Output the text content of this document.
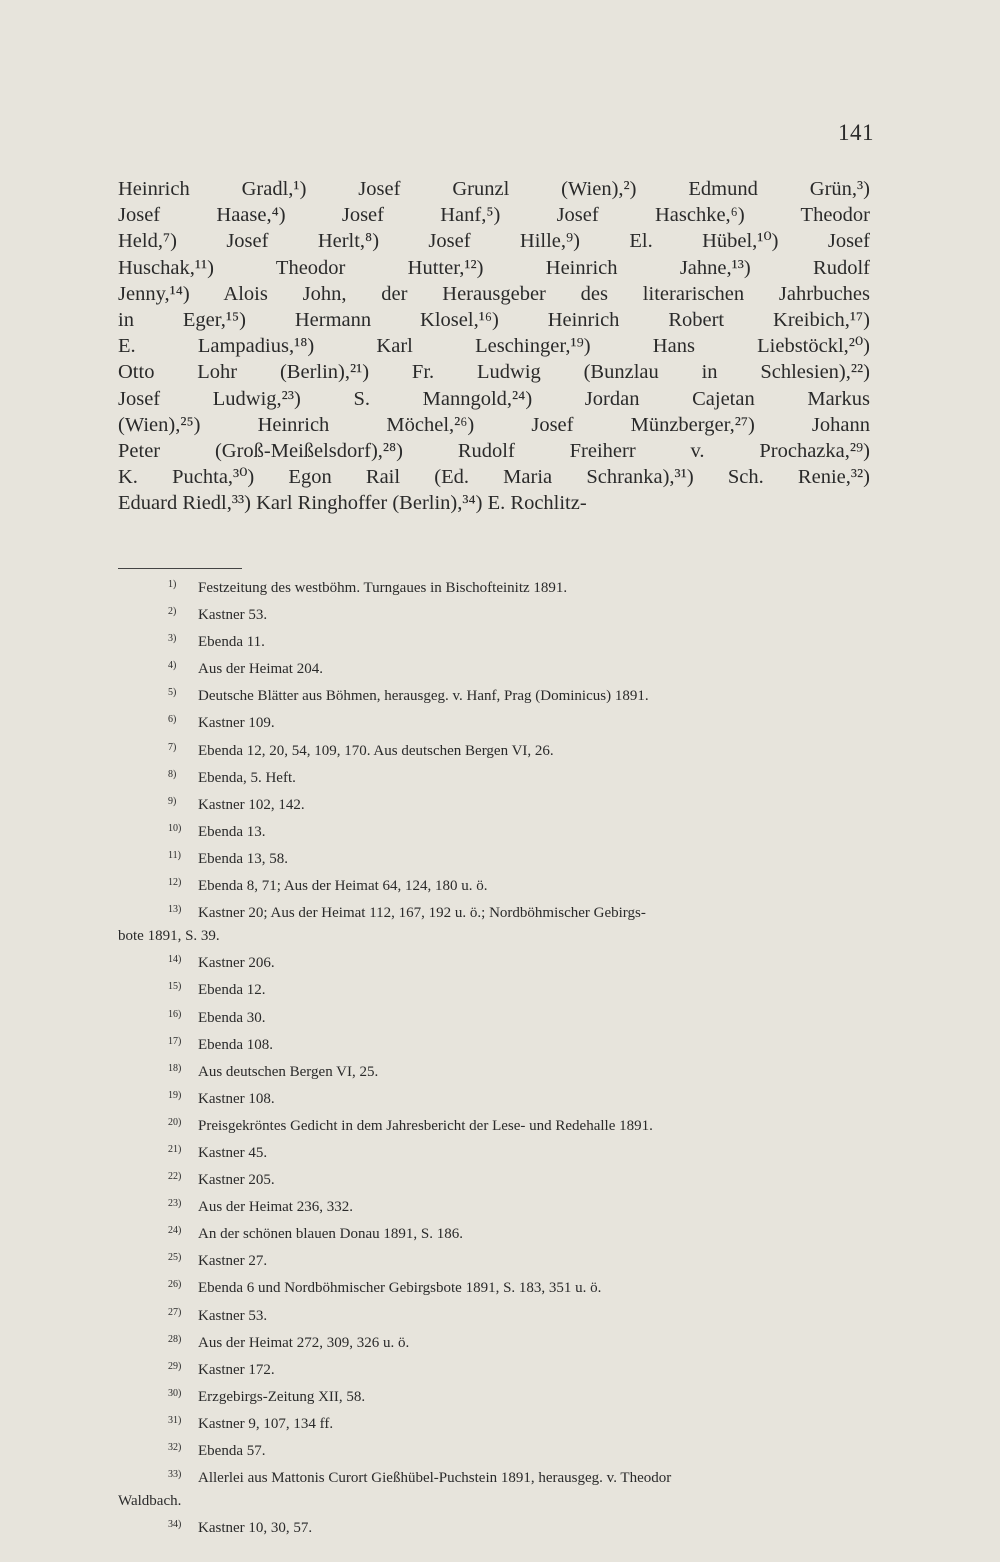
141
Heinrich Gradl,¹) Josef Grunzl (Wien),²) Edmund Grün,³)
Josef Haase,⁴) Josef Hanf,⁵) Josef Haschke,⁶) Theodor
Held,⁷) Josef Herlt,⁸) Josef Hille,⁹) El. Hübel,¹⁰) Josef
Huschak,¹¹) Theodor Hutter,¹²) Heinrich Jahne,¹³) Rudolf
Jenny,¹⁴) Alois John, der Herausgeber des literarischen Jahrbuches
in Eger,¹⁵) Hermann Klosel,¹⁶) Heinrich Robert Kreibich,¹⁷)
E. Lampadius,¹⁸) Karl Leschinger,¹⁹) Hans Liebstöckl,²⁰)
Otto Lohr (Berlin),²¹) Fr. Ludwig (Bunzlau in Schlesien),²²)
Josef Ludwig,²³) S. Manngold,²⁴) Jordan Cajetan Markus
(Wien),²⁵) Heinrich Möchel,²⁶) Josef Münzberger,²⁷) Johann
Peter (Groß-Meißelsdorf),²⁸) Rudolf Freiherr v. Prochazka,²⁹)
K. Puchta,³⁰) Egon Rail (Ed. Maria Schranka),³¹) Sch. Renie,³²)
Eduard Riedl,³³) Karl Ringhoffer (Berlin),³⁴) E. Rochlitz-
1) Festzeitung des westböhm. Turngaues in Bischofteinitz 1891.
2) Kastner 53.
3) Ebenda 11.
4) Aus der Heimat 204.
5) Deutsche Blätter aus Böhmen, herausgeg. v. Hanf, Prag (Dominicus) 1891.
6) Kastner 109.
7) Ebenda 12, 20, 54, 109, 170. Aus deutschen Bergen VI, 26.
8) Ebenda, 5. Heft.
9) Kastner 102, 142.
10) Ebenda 13.
11) Ebenda 13, 58.
12) Ebenda 8, 71; Aus der Heimat 64, 124, 180 u. ö.
13) Kastner 20; Aus der Heimat 112, 167, 192 u. ö.; Nordböhmischer Gebirgs-
bote 1891, S. 39.
14) Kastner 206.
15) Ebenda 12.
16) Ebenda 30.
17) Ebenda 108.
18) Aus deutschen Bergen VI, 25.
19) Kastner 108.
20) Preisgekröntes Gedicht in dem Jahresbericht der Lese- und Redehalle 1891.
21) Kastner 45.
22) Kastner 205.
23) Aus der Heimat 236, 332.
24) An der schönen blauen Donau 1891, S. 186.
25) Kastner 27.
26) Ebenda 6 und Nordböhmischer Gebirgsbote 1891, S. 183, 351 u. ö.
27) Kastner 53.
28) Aus der Heimat 272, 309, 326 u. ö.
29) Kastner 172.
30) Erzgebirgs-Zeitung XII, 58.
31) Kastner 9, 107, 134 ff.
32) Ebenda 57.
33) Allerlei aus Mattonis Curort Gießhübel-Puchstein 1891, herausgeg. v. Theodor
Waldbach.
34) Kastner 10, 30, 57.
